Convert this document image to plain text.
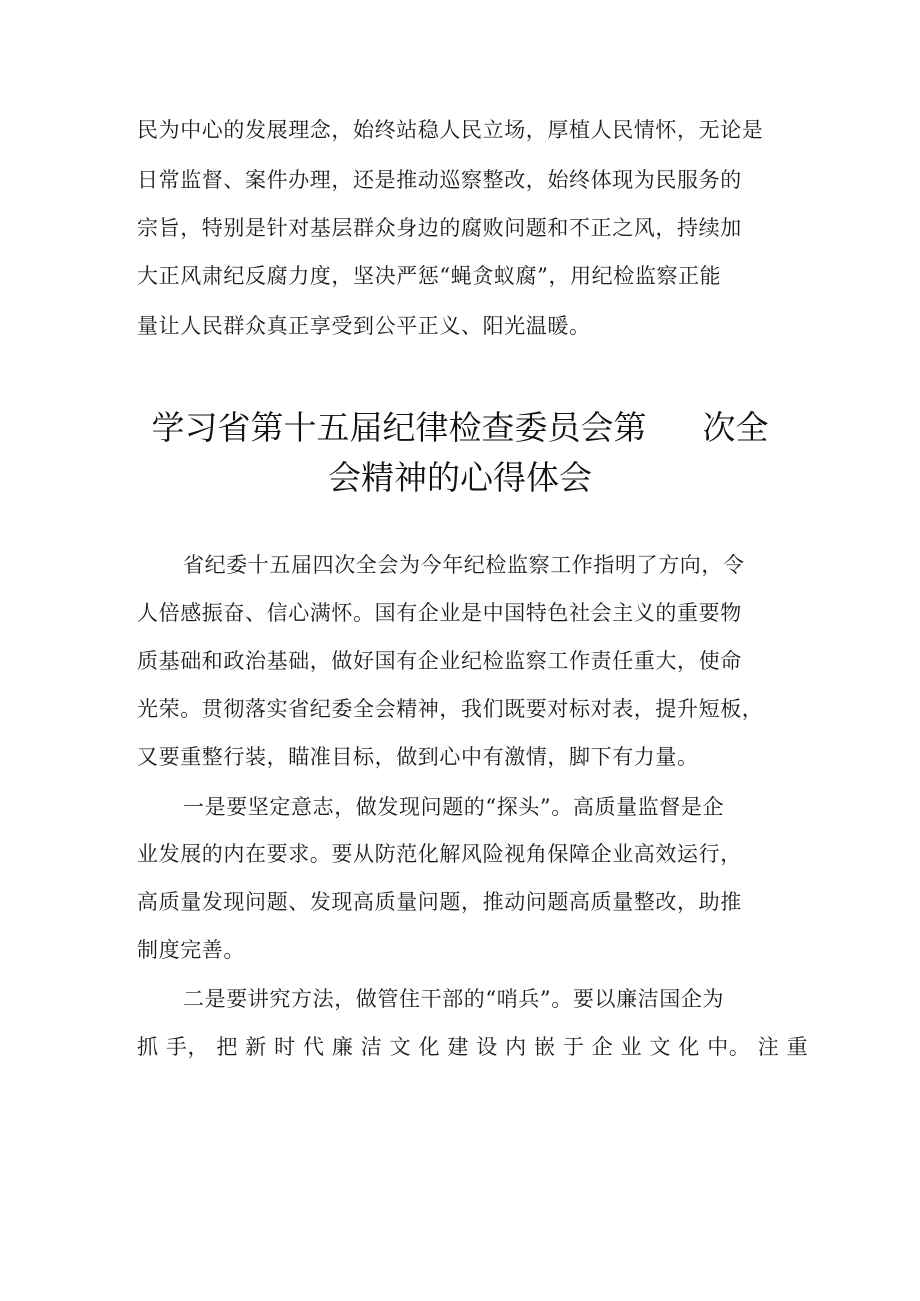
民为中心的发展理念，始终站稳人民立场，厚植人民情怀，无论是

日常监督、案件办理，还是推动巡察整改，始终体现为民服务的

宗旨，特别是针对基层群众身边的腐败问题和不正之风，持续加

大正风肃纪反腐力度，坚决严惩“蝇贪蚁腐”，用纪检监察正能

量让人民群众真正享受到公平正义、阳光温暖。

学习省第十五届纪律检查委员会第 次全

会精神的心得体会

省纪委十五届四次全会为今年纪检监察工作指明了方向，令

人倍感振奋、信心满怀。国有企业是中国特色社会主义的重要物

质基础和政治基础，做好国有企业纪检监察工作责任重大，使命

光荣。贯彻落实省纪委全会精神，我们既要对标对表，提升短板，

又要重整行装，瞄准目标，做到心中有激情，脚下有力量。

一是要坚定意志，做发现问题的“探头”。高质量监督是企

业发展的内在要求。要从防范化解风险视角保障企业高效运行，

高质量发现问题、发现高质量问题，推动问题高质量整改，助推

制度完善。

二是要讲究方法，做管住干部的“哨兵”。要以廉洁国企为

抓 手， 把 新 时 代 廉 洁 文 化 建 设 内 嵌 于 企 业 文 化 中。 注 重
